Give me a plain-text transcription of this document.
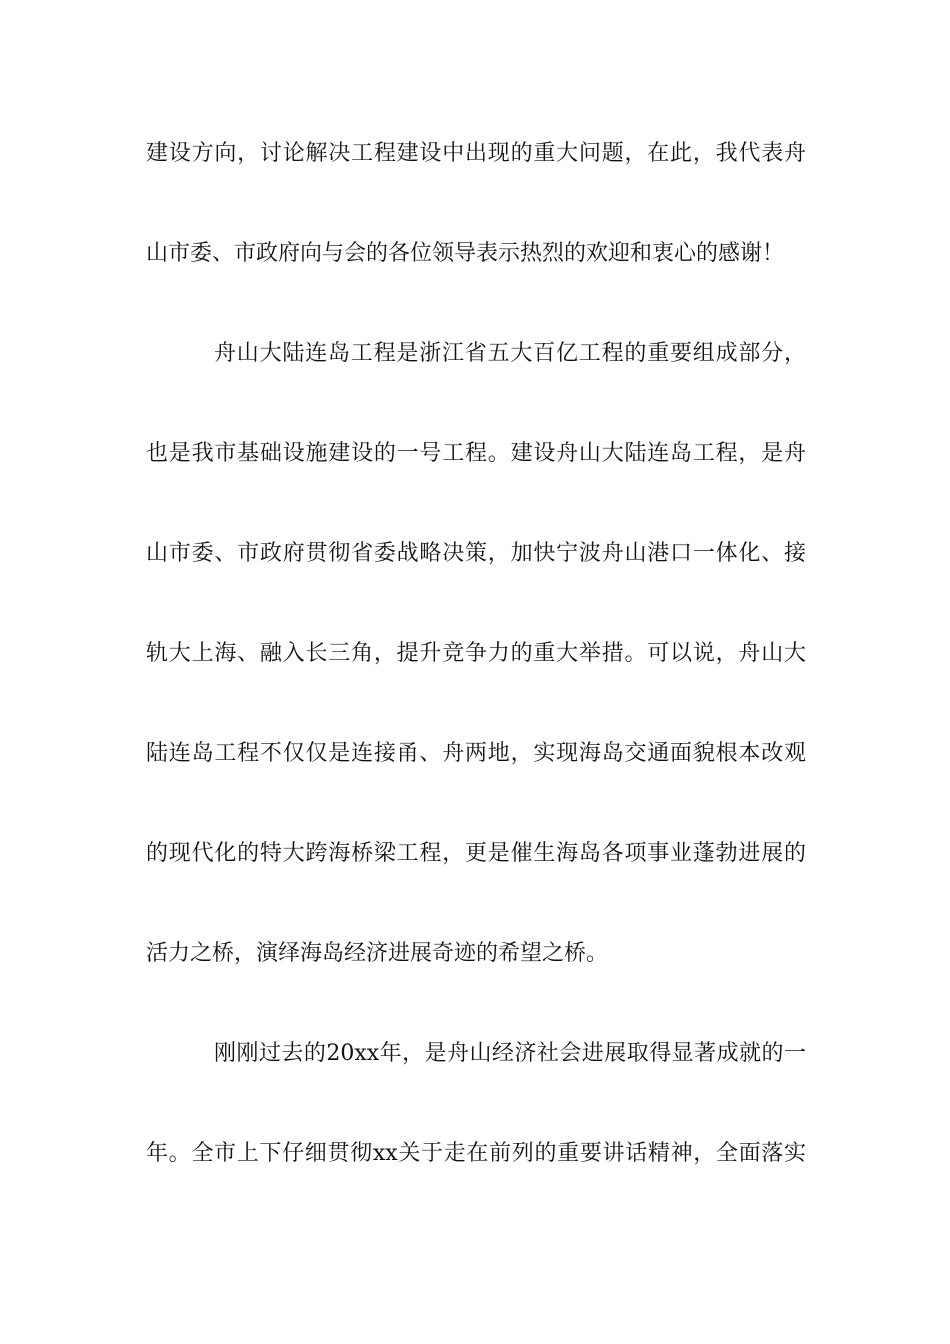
建设方向，讨论解决工程建设中出现的重大问题，在此，我代表舟
山市委、市政府向与会的各位领导表示热烈的欢迎和衷心的感谢！
舟山大陆连岛工程是浙江省五大百亿工程的重要组成部分，
也是我市基础设施建设的一号工程。建设舟山大陆连岛工程，是舟
山市委、市政府贯彻省委战略决策，加快宁波舟山港口一体化、接
轨大上海、融入长三角，提升竞争力的重大举措。可以说，舟山大
陆连岛工程不仅仅是连接甬、舟两地，实现海岛交通面貌根本改观
的现代化的特大跨海桥梁工程，更是催生海岛各项事业蓬勃进展的
活力之桥，演绎海岛经济进展奇迹的希望之桥。
刚刚过去的20xx年，是舟山经济社会进展取得显著成就的一
年。全市上下仔细贯彻xx关于走在前列的重要讲话精神，全面落实
